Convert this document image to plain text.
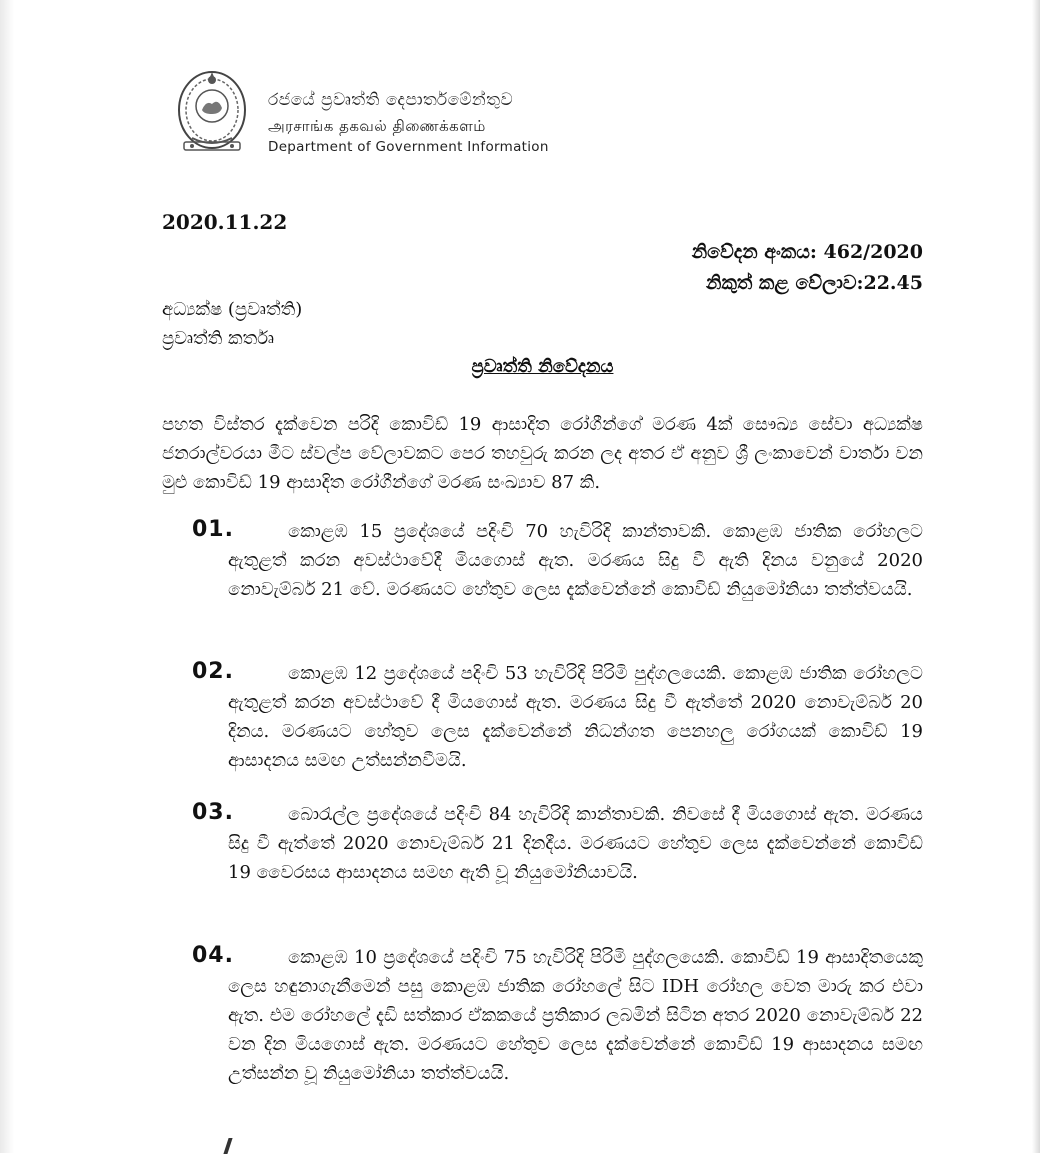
රජයේ ප්‍රවෘත්ති දෙපාර්තමේන්තුව
அரசாங்க தகவல் திணைக்களம்
Department of Government Information
2020.11.22
නිවේදන අංකය: 462/2020
නිකුත් කළ වේලාව:22.45
අධ්‍යක්ෂ (ප්‍රවෘත්ති)
ප්‍රවෘත්ති කර්තෘ
ප්‍රවෘත්ති නිවේදනය
පහත විස්තර දැක්වෙන පරිදි කොවිඩ් 19 ආසාදිත රෝගීන්ගේ මරණ 4ක් සෞඛ්‍ය සේවා අධ්‍යක්ෂ ජනරාල්වරයා මීට ස්වල්ප වේලාවකට පෙර තහවුරු කරන ලද අතර ඒ අනුව ශ්‍රී ලංකාවෙන් වාර්තා වන මුළු කොවිඩ් 19 ආසාදිත රෝගීන්ගේ මරණ සංඛ්‍යාව 87 කි.
01.	කොළඹ 15 ප්‍රදේශයේ පදිංචි 70 හැවිරිදි කාන්තාවකි. කොළඹ ජාතික රෝහලට ඇතුළත් කරන අවස්ථාවේදී මියගොස් ඇත. මරණය සිදු වී ඇති දිනය වනුයේ 2020 නොවැම්බර් 21 වේ. මරණයට හේතුව ලෙස දැක්වෙන්නේ කොවිඩ් නියුමෝනියා තත්ත්වයයි.
02.	කොළඹ 12 ප්‍රදේශයේ පදිංචි 53 හැවිරිදි පිරිමි පුද්ගලයෙකි. කොළඹ ජාතික රෝහලට ඇතුළත් කරන අවස්ථාවේ දී මියගොස් ඇත. මරණය සිදු වී ඇත්තේ 2020 නොවැම්බර් 20 දිනය. මරණයට හේතුව ලෙස දැක්වෙන්නේ නිධන්ගත පෙනහලු රෝගයක් කොවිඩ් 19 ආසාදනය සමඟ උත්සන්නවීමයි.
03.	බොරැල්ල ප්‍රදේශයේ පදිංචි 84 හැවිරිදි කාන්තාවකි. නිවසේ දී මියගොස් ඇත. මරණය සිදු වී ඇත්තේ 2020 නොවැම්බර් 21 දිනදීය. මරණයට හේතුව ලෙස දැක්වෙන්නේ කොවිඩ් 19 වෛරසය ආසාදනය සමඟ ඇති වූ නියුමෝනියාවයි.
04.	කොළඹ 10 ප්‍රදේශයේ පදිංචි 75 හැවිරිදි පිරිමි පුද්ගලයෙකි. කොවිඩ් 19 ආසාදිතයෙකු ලෙස හඳුනාගැනීමෙන් පසු කොළඹ ජාතික රෝහලේ සිට IDH රෝහල වෙත මාරු කර එවා ඇත. එම රෝහලේ දැඩි සත්කාර ඒකකයේ ප්‍රතිකාර ලබමින් සිටින අතර 2020 නොවැම්බර් 22 වන දින මියගොස් ඇත. මරණයට හේතුව ලෙස දැක්වෙන්නේ කොවිඩ් 19 ආසාදනය සමඟ උත්සන්න වූ නියුමෝනියා තත්ත්වයයි.
